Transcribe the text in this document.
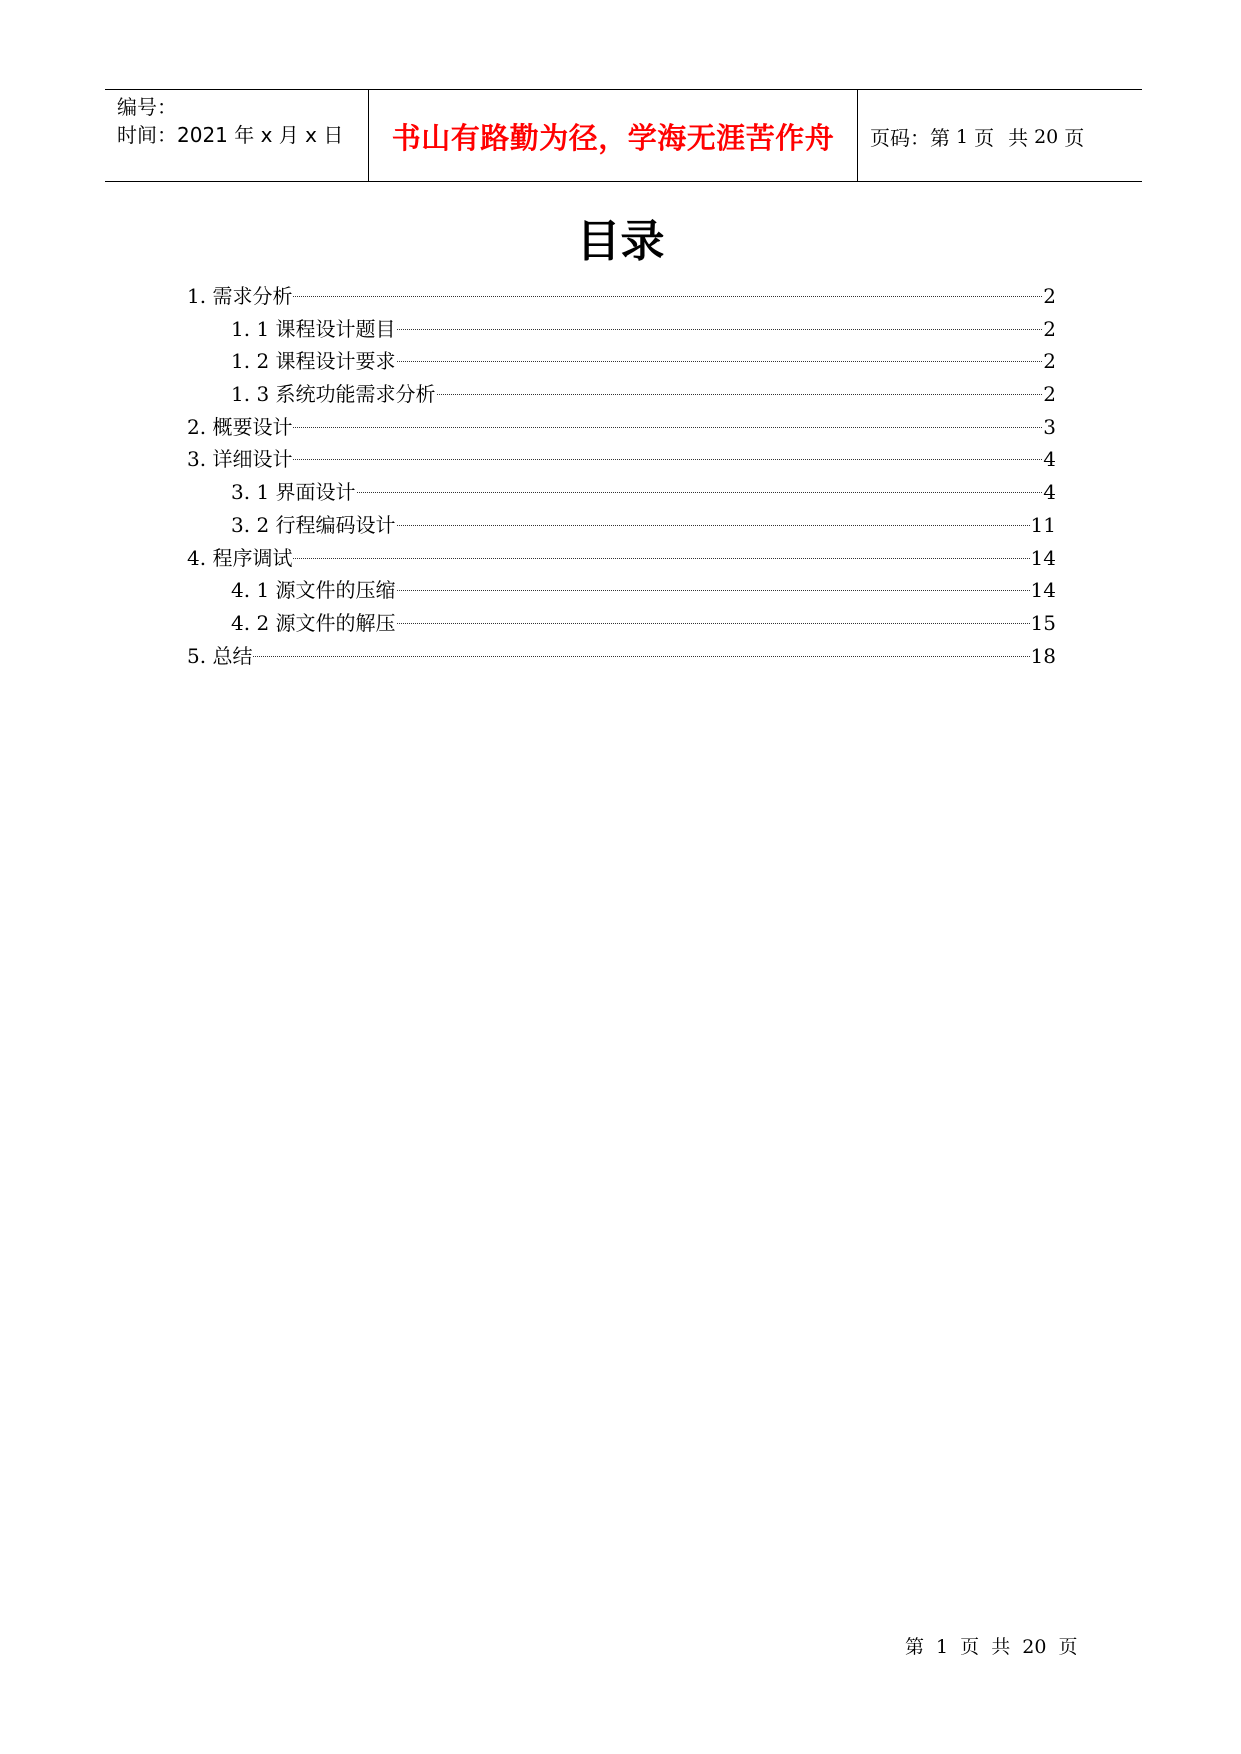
编号：
时间：2021 年 x 月 x 日	书山有路勤为径，学海无涯苦作舟 页码：第 1 页 共 20 页
目录
1. 需求分析	2
1. 1 课程设计题目	2
1. 2 课程设计要求	2
1. 3 系统功能需求分析	2
2. 概要设计	3
3. 详细设计	4
3. 1 界面设计	4
3. 2 行程编码设计	11
4. 程序调试	14
4. 1 源文件的压缩	14
4. 2 源文件的解压	15
5. 总结	18
第 1 页 共 20 页
